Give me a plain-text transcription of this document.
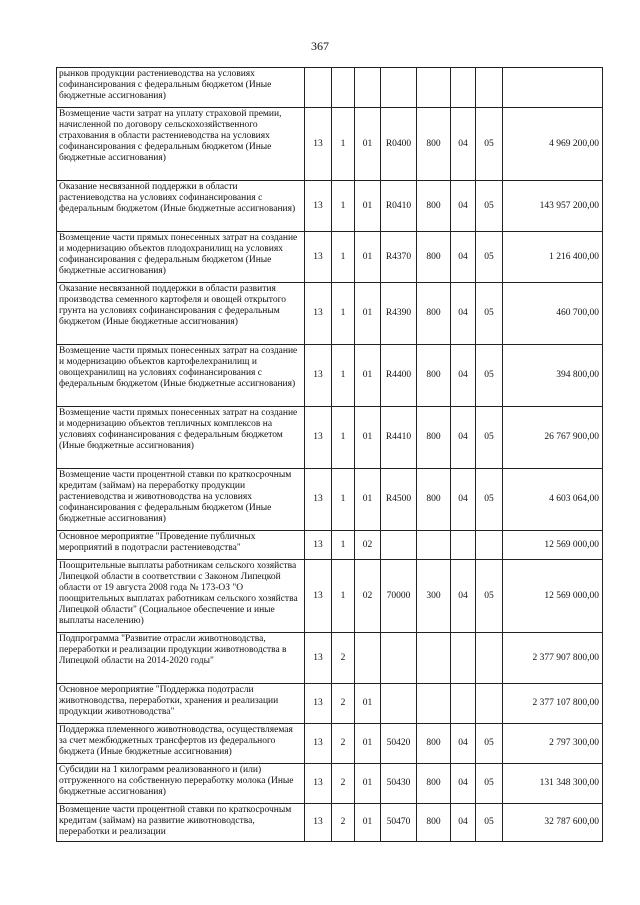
367
рынков продукции растениеводства на условиях софинансирования с федеральным бюджетом (Иные бюджетные ассигнования)								
Возмещение части затрат на уплату страховой премии, начисленной по договору сельскохозяйственного страхования в области растениеводства на условиях софинансирования с федеральным бюджетом (Иные бюджетные ассигнования)	13	1	01	R0400	800	04	05	4 969 200,00
Оказание несвязанной поддержки в области растениеводства на условиях софинансирования с федеральным бюджетом (Иные бюджетные ассигнования)	13	1	01	R0410	800	04	05	143 957 200,00
Возмещение части прямых понесенных затрат на создание и модернизацию объектов плодохранилищ на условиях софинансирования с федеральным бюджетом (Иные бюджетные ассигнования)	13	1	01	R4370	800	04	05	1 216 400,00
Оказание несвязанной поддержки в области развития производства семенного картофеля и овощей открытого грунта на условиях софинансирования с федеральным бюджетом (Иные бюджетные ассигнования)	13	1	01	R4390	800	04	05	460 700,00
Возмещение части прямых понесенных затрат на создание и модернизацию объектов картофелехранилищ и овощехранилищ на условиях софинансирования с федеральным бюджетом (Иные бюджетные ассигнования)	13	1	01	R4400	800	04	05	394 800,00
Возмещение части прямых понесенных затрат на создание и модернизацию объектов тепличных комплексов на условиях софинансирования с федеральным бюджетом (Иные бюджетные ассигнования)	13	1	01	R4410	800	04	05	26 767 900,00
Возмещение части процентной ставки по краткосрочным кредитам (займам) на переработку продукции растениеводства и животноводства на условиях софинансирования с федеральным бюджетом (Иные бюджетные ассигнования)	13	1	01	R4500	800	04	05	4 603 064,00
Основное мероприятие "Проведение публичных мероприятий в подотрасли растениеводства"	13	1	02					12 569 000,00
Поощрительные выплаты работникам сельского хозяйства Липецкой области в соответствии с Законом Липецкой области от 19 августа 2008 года № 173-ОЗ "О поощрительных выплатах работникам сельского хозяйства Липецкой области" (Социальное обеспечение и иные выплаты населению)	13	1	02	70000	300	04	05	12 569 000,00
Подпрограмма "Развитие отрасли животноводства, переработки и реализации продукции животноводства в Липецкой области на 2014-2020 годы"	13	2						2 377 907 800,00
Основное мероприятие "Поддержка подотрасли животноводства, переработки, хранения и реализации продукции животноводства"	13	2	01					2 377 107 800,00
Поддержка племенного животноводства, осуществляемая за счет межбюджетных трансфертов из федерального бюджета (Иные бюджетные ассигнования)	13	2	01	50420	800	04	05	2 797 300,00
Субсидии на 1 килограмм реализованного и (или) отгруженного на собственную переработку молока (Иные бюджетные ассигнования)	13	2	01	50430	800	04	05	131 348 300,00
Возмещение части процентной ставки по краткосрочным кредитам (займам) на развитие животноводства, переработки и реализации	13	2	01	50470	800	04	05	32 787 600,00
